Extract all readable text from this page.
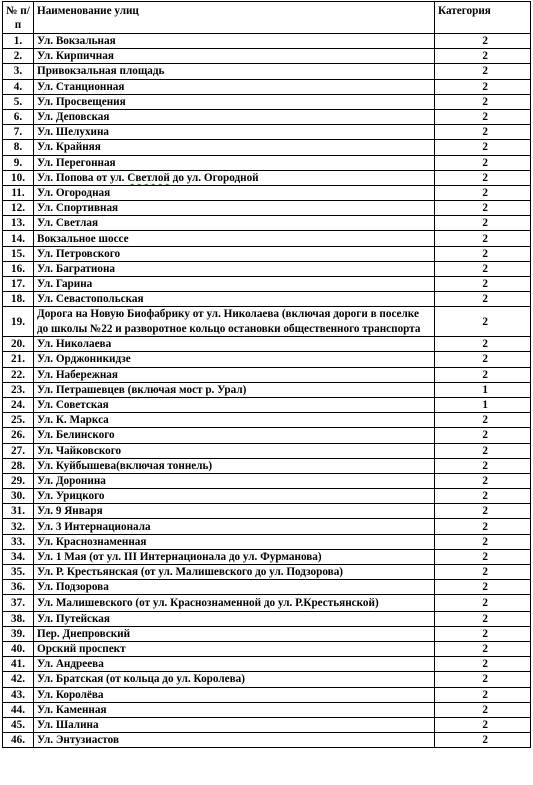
№ п/п	Наименование улиц	Категория
1.	Ул. Вокзальная	2
2.	Ул. Кирпичная	2
3.	Привокзальная площадь	2
4.	Ул. Станционная	2
5.	Ул. Просвещения	2
6.	Ул. Деповская	2
7.	Ул. Шелухина	2
8.	Ул. Крайняя	2
9.	Ул. Перегонная	2
10.	Ул. Попова от ул. Светлой до ул. Огородной	2
11.	Ул. Огородная	2
12.	Ул. Спортивная	2
13.	Ул. Светлая	2
14.	Вокзальное шоссе	2
15.	Ул. Петровского	2
16.	Ул. Багратиона	2
17.	Ул. Гарина	2
18.	Ул. Севастопольская	2
19.	Дорога на Новую Биофабрику от ул. Николаева (включая дороги в поселке до школы №22 и разворотное кольцо остановки общественного транспорта	2
20.	Ул. Николаева	2
21.	Ул. Орджоникидзе	2
22.	Ул. Набережная	2
23.	Ул. Петрашевцев (включая мост р. Урал)	1
24.	Ул. Советская	1
25.	Ул. К. Маркса	2
26.	Ул. Белинского	2
27.	Ул. Чайковского	2
28.	Ул. Куйбышева(включая тоннель)	2
29.	Ул. Доронина	2
30.	Ул. Урицкого	2
31.	Ул. 9 Января	2
32.	Ул. 3 Интернационала	2
33.	Ул. Краснознаменная	2
34.	Ул. 1 Мая (от ул. III Интернационала до ул. Фурманова)	2
35.	Ул. Р. Крестьянская (от ул. Малишевского до ул. Подзорова)	2
36.	Ул. Подзорова	2
37.	Ул. Малишевского (от ул. Краснознаменной до ул. Р.Крестьянской)	2
38.	Ул. Путейская	2
39.	Пер. Днепровский	2
40.	Орский проспект	2
41.	Ул. Андреева	2
42.	Ул. Братская (от кольца до ул. Королева)	2
43.	Ул. Королёва	2
44.	Ул. Каменная	2
45.	Ул. Шалина	2
46.	Ул. Энтузиастов	2
